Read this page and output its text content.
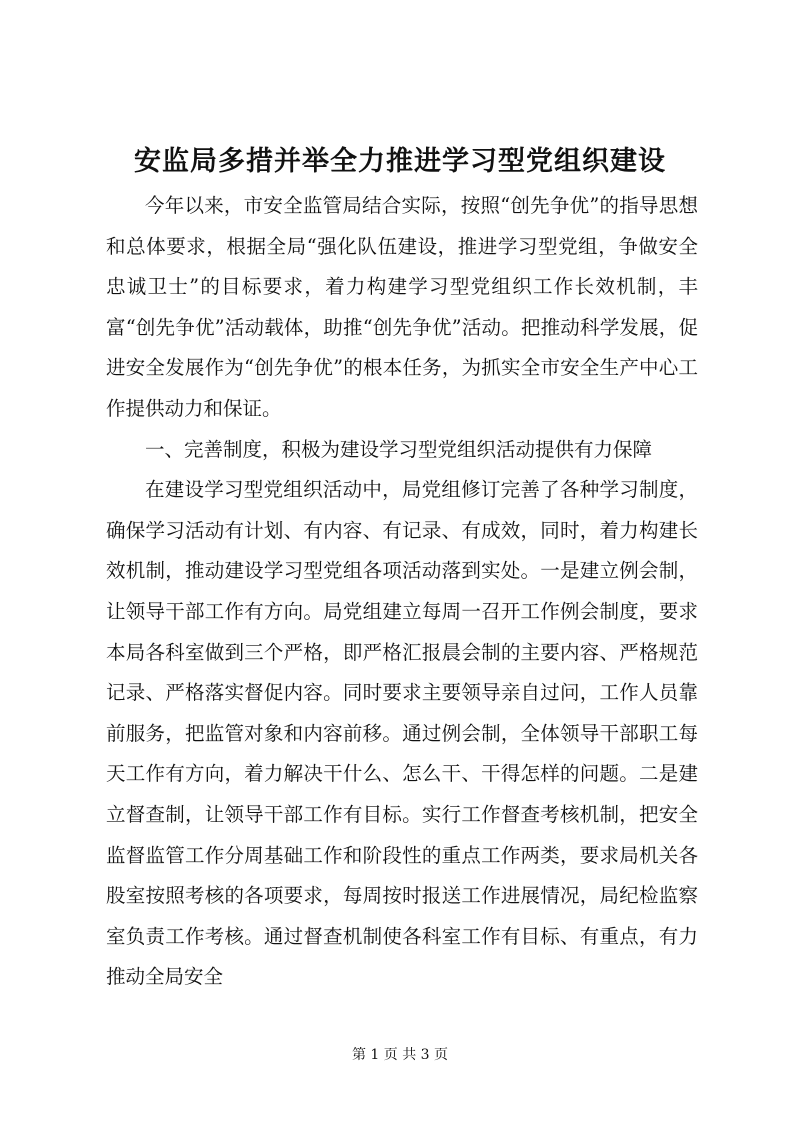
安监局多措并举全力推进学习型党组织建设

今年以来，市安全监管局结合实际，按照“创先争优”的指导思想和总体要求，根据全局“强化队伍建设，推进学习型党组，争做安全忠诚卫士”的目标要求，着力构建学习型党组织工作长效机制，丰富“创先争优”活动载体，助推“创先争优”活动。把推动科学发展，促进安全发展作为“创先争优”的根本任务，为抓实全市安全生产中心工作提供动力和保证。

一、完善制度，积极为建设学习型党组织活动提供有力保障

在建设学习型党组织活动中，局党组修订完善了各种学习制度，确保学习活动有计划、有内容、有记录、有成效，同时，着力构建长效机制，推动建设学习型党组各项活动落到实处。一是建立例会制，让领导干部工作有方向。局党组建立每周一召开工作例会制度，要求本局各科室做到三个严格，即严格汇报晨会制的主要内容、严格规范记录、严格落实督促内容。同时要求主要领导亲自过问，工作人员靠前服务，把监管对象和内容前移。通过例会制，全体领导干部职工每天工作有方向，着力解决干什么、怎么干、干得怎样的问题。二是建立督查制，让领导干部工作有目标。实行工作督查考核机制，把安全监督监管工作分周基础工作和阶段性的重点工作两类，要求局机关各股室按照考核的各项要求，每周按时报送工作进展情况，局纪检监察室负责工作考核。通过督查机制使各科室工作有目标、有重点，有力推动全局安全

第 1 页 共 3 页
